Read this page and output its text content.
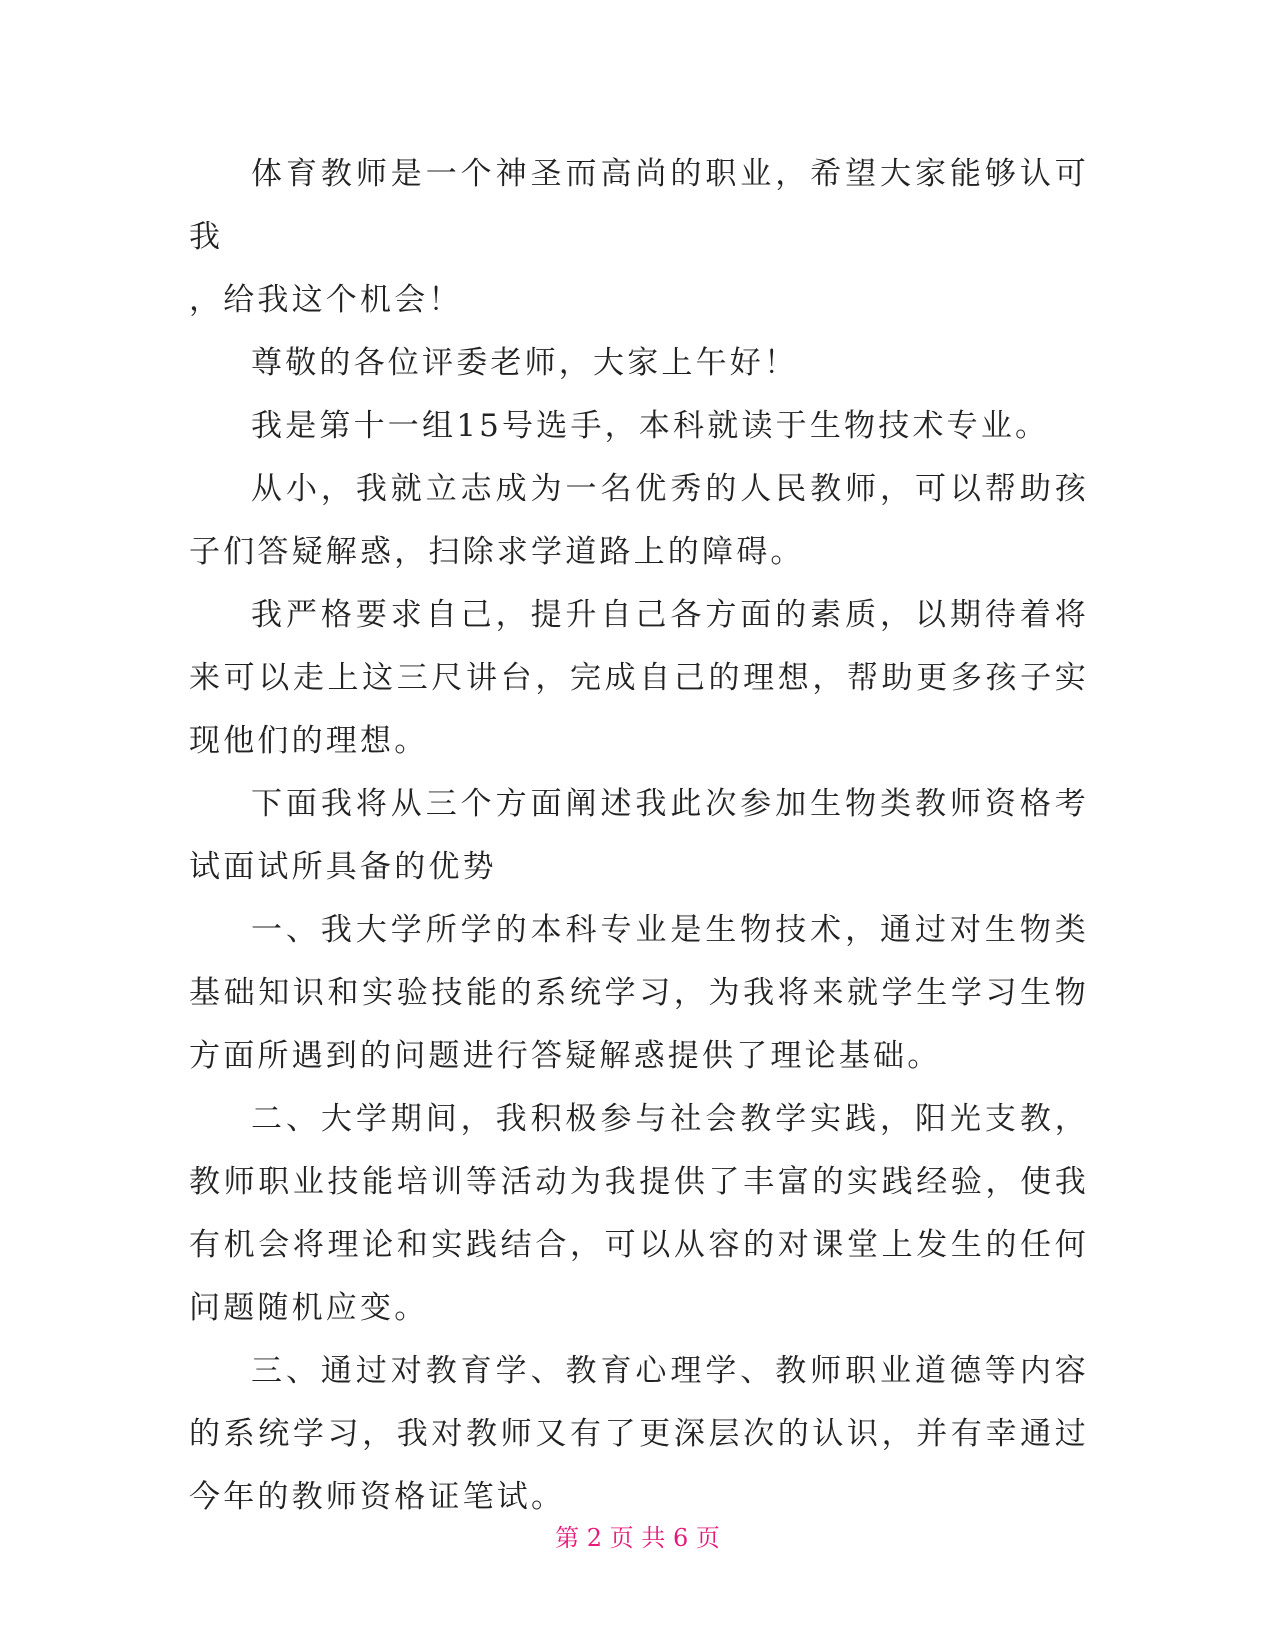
体育教师是一个神圣而高尚的职业，希望大家能够认可我

，给我这个机会！

尊敬的各位评委老师，大家上午好！

我是第十一组15号选手，本科就读于生物技术专业。

从小，我就立志成为一名优秀的人民教师，可以帮助孩子们答疑解惑，扫除求学道路上的障碍。

我严格要求自己，提升自己各方面的素质，以期待着将来可以走上这三尺讲台，完成自己的理想，帮助更多孩子实现他们的理想。

下面我将从三个方面阐述我此次参加生物类教师资格考试面试所具备的优势

一、我大学所学的本科专业是生物技术，通过对生物类基础知识和实验技能的系统学习，为我将来就学生学习生物方面所遇到的问题进行答疑解惑提供了理论基础。

二、大学期间，我积极参与社会教学实践，阳光支教，教师职业技能培训等活动为我提供了丰富的实践经验，使我有机会将理论和实践结合，可以从容的对课堂上发生的任何问题随机应变。

三、通过对教育学、教育心理学、教师职业道德等内容的系统学习，我对教师又有了更深层次的认识，并有幸通过今年的教师资格证笔试。

第 2 页 共 6 页
